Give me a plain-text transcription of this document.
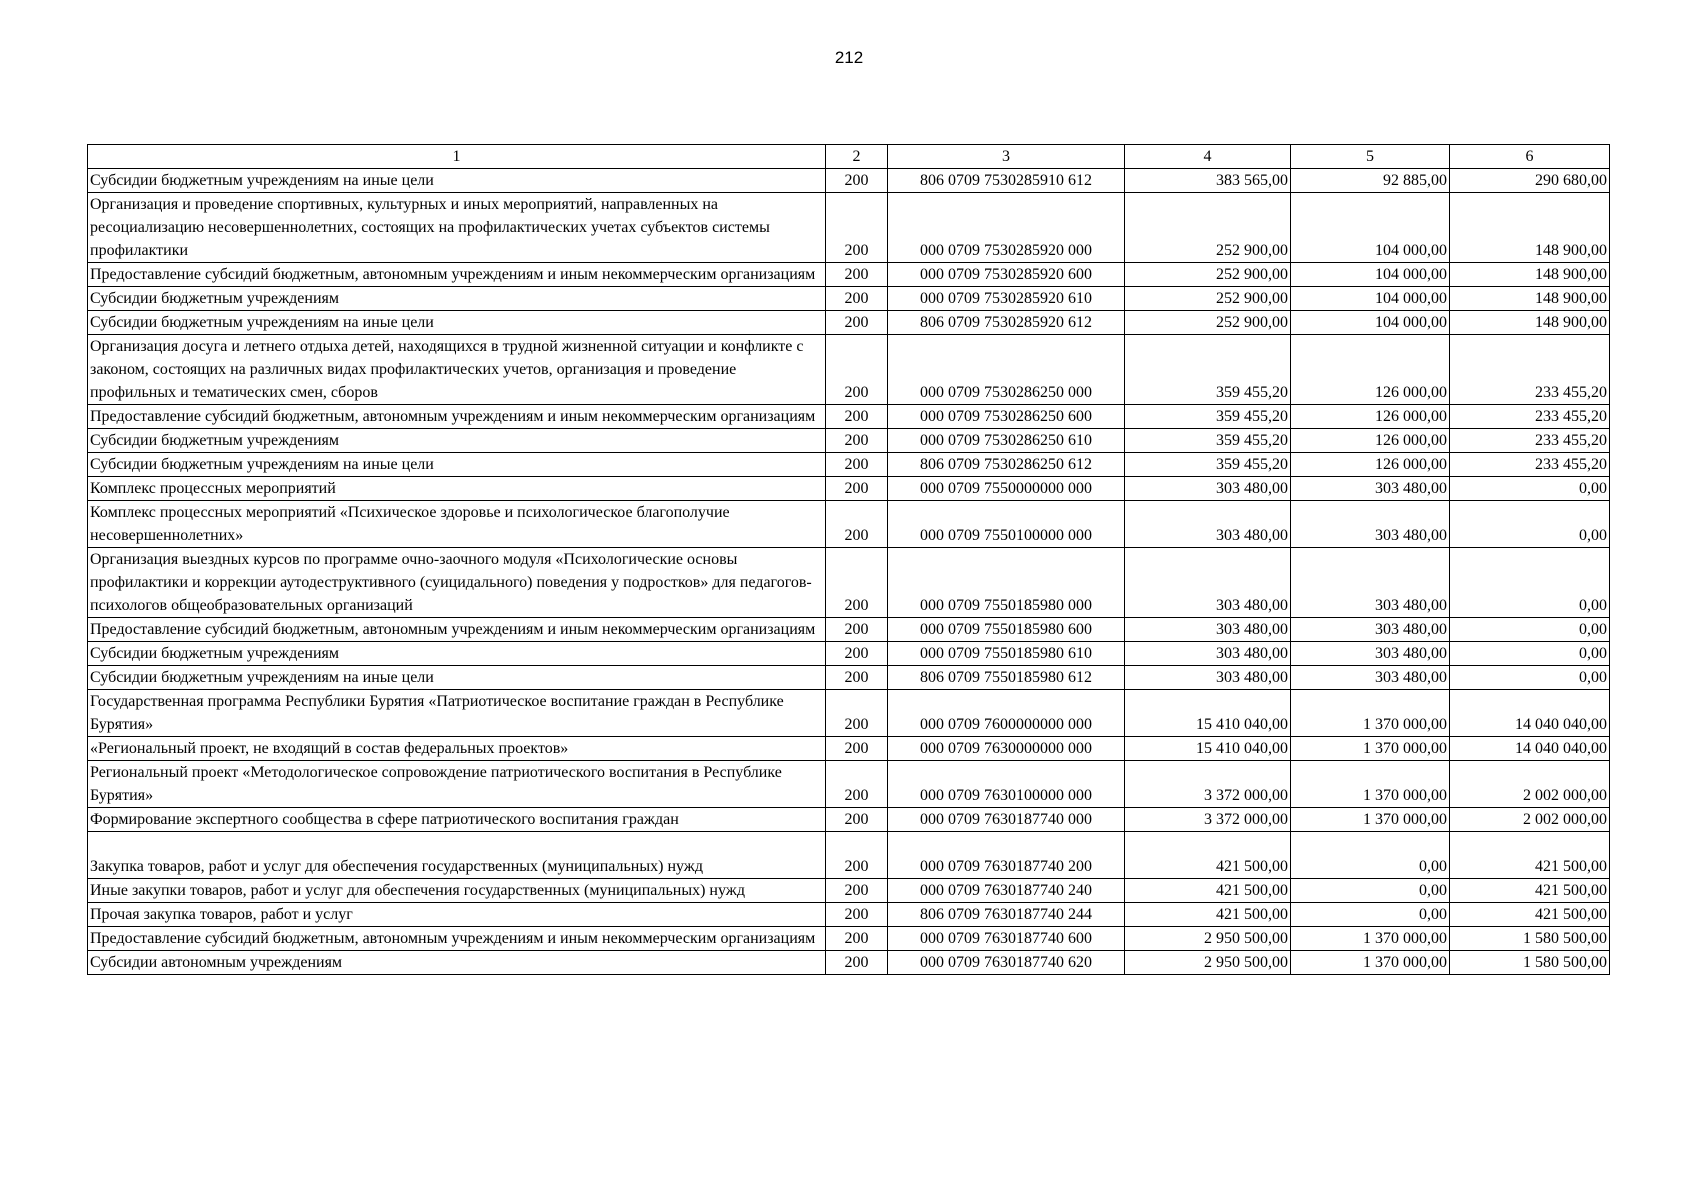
212
1	2	3	4	5	6
Субсидии бюджетным учреждениям на иные цели	200	806 0709 7530285910 612	383 565,00	92 885,00	290 680,00
Организация и проведение спортивных, культурных и иных мероприятий, направленных на ресоциализацию несовершеннолетних, состоящих на профилактических учетах субъектов системы профилактики	200	000 0709 7530285920 000	252 900,00	104 000,00	148 900,00
Предоставление субсидий бюджетным, автономным учреждениям и иным некоммерческим организациям	200	000 0709 7530285920 600	252 900,00	104 000,00	148 900,00
Субсидии бюджетным учреждениям	200	000 0709 7530285920 610	252 900,00	104 000,00	148 900,00
Субсидии бюджетным учреждениям на иные цели	200	806 0709 7530285920 612	252 900,00	104 000,00	148 900,00
Организация досуга и летнего отдыха детей, находящихся в трудной жизненной ситуации и конфликте с законом, состоящих на различных видах профилактических учетов, организация и проведение профильных и тематических смен, сборов	200	000 0709 7530286250 000	359 455,20	126 000,00	233 455,20
Предоставление субсидий бюджетным, автономным учреждениям и иным некоммерческим организациям	200	000 0709 7530286250 600	359 455,20	126 000,00	233 455,20
Субсидии бюджетным учреждениям	200	000 0709 7530286250 610	359 455,20	126 000,00	233 455,20
Субсидии бюджетным учреждениям на иные цели	200	806 0709 7530286250 612	359 455,20	126 000,00	233 455,20
Комплекс процессных мероприятий	200	000 0709 7550000000 000	303 480,00	303 480,00	0,00
Комплекс процессных мероприятий «Психическое здоровье и психологическое благополучие несовершеннолетних»	200	000 0709 7550100000 000	303 480,00	303 480,00	0,00
Организация выездных курсов по программе очно-заочного модуля «Психологические основы профилактики и коррекции аутодеструктивного (суицидального) поведения у подростков» для педагогов-психологов общеобразовательных организаций	200	000 0709 7550185980 000	303 480,00	303 480,00	0,00
Предоставление субсидий бюджетным, автономным учреждениям и иным некоммерческим организациям	200	000 0709 7550185980 600	303 480,00	303 480,00	0,00
Субсидии бюджетным учреждениям	200	000 0709 7550185980 610	303 480,00	303 480,00	0,00
Субсидии бюджетным учреждениям на иные цели	200	806 0709 7550185980 612	303 480,00	303 480,00	0,00
Государственная программа Республики Бурятия «Патриотическое воспитание граждан в Республике Бурятия»	200	000 0709 7600000000 000	15 410 040,00	1 370 000,00	14 040 040,00
«Региональный проект, не входящий в состав федеральных проектов»	200	000 0709 7630000000 000	15 410 040,00	1 370 000,00	14 040 040,00
Региональный проект «Методологическое сопровождение патриотического воспитания в Республике Бурятия»	200	000 0709 7630100000 000	3 372 000,00	1 370 000,00	2 002 000,00
Формирование экспертного сообщества в сфере патриотического воспитания граждан	200	000 0709 7630187740 000	3 372 000,00	1 370 000,00	2 002 000,00
Закупка товаров, работ и услуг для обеспечения государственных (муниципальных) нужд	200	000 0709 7630187740 200	421 500,00	0,00	421 500,00
Иные закупки товаров, работ и услуг для обеспечения государственных (муниципальных) нужд	200	000 0709 7630187740 240	421 500,00	0,00	421 500,00
Прочая закупка товаров, работ и услуг	200	806 0709 7630187740 244	421 500,00	0,00	421 500,00
Предоставление субсидий бюджетным, автономным учреждениям и иным некоммерческим организациям	200	000 0709 7630187740 600	2 950 500,00	1 370 000,00	1 580 500,00
Субсидии автономным учреждениям	200	000 0709 7630187740 620	2 950 500,00	1 370 000,00	1 580 500,00
